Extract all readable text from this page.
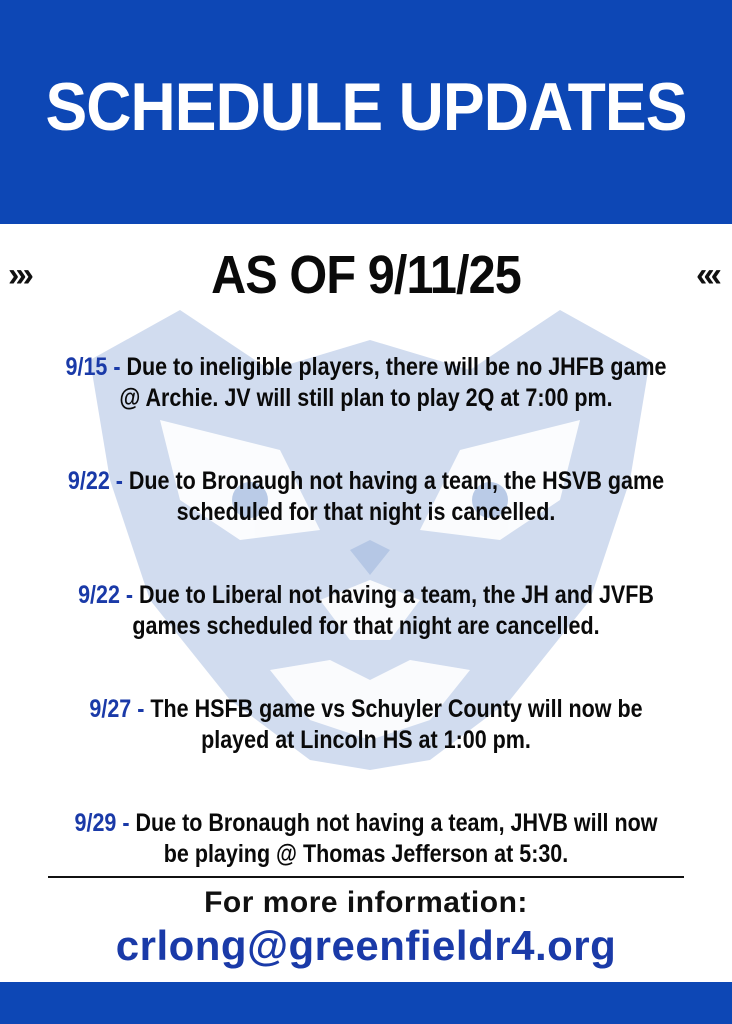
SCHEDULE UPDATES
›››	AS OF 9/11/25	‹‹‹
9/15 - Due to ineligible players, there will be no JHFB game @ Archie. JV will still plan to play 2Q at 7:00 pm.
9/22 - Due to Bronaugh not having a team, the HSVB game scheduled for that night is cancelled.
9/22 - Due to Liberal not having a team, the JH and JVFB games scheduled for that night are cancelled.
9/27 - The HSFB game vs Schuyler County will now be played at Lincoln HS at 1:00 pm.
9/29 - Due to Bronaugh not having a team, JHVB will now be playing @ Thomas Jefferson at 5:30.
For more information:
crlong@greenfieldr4.org
